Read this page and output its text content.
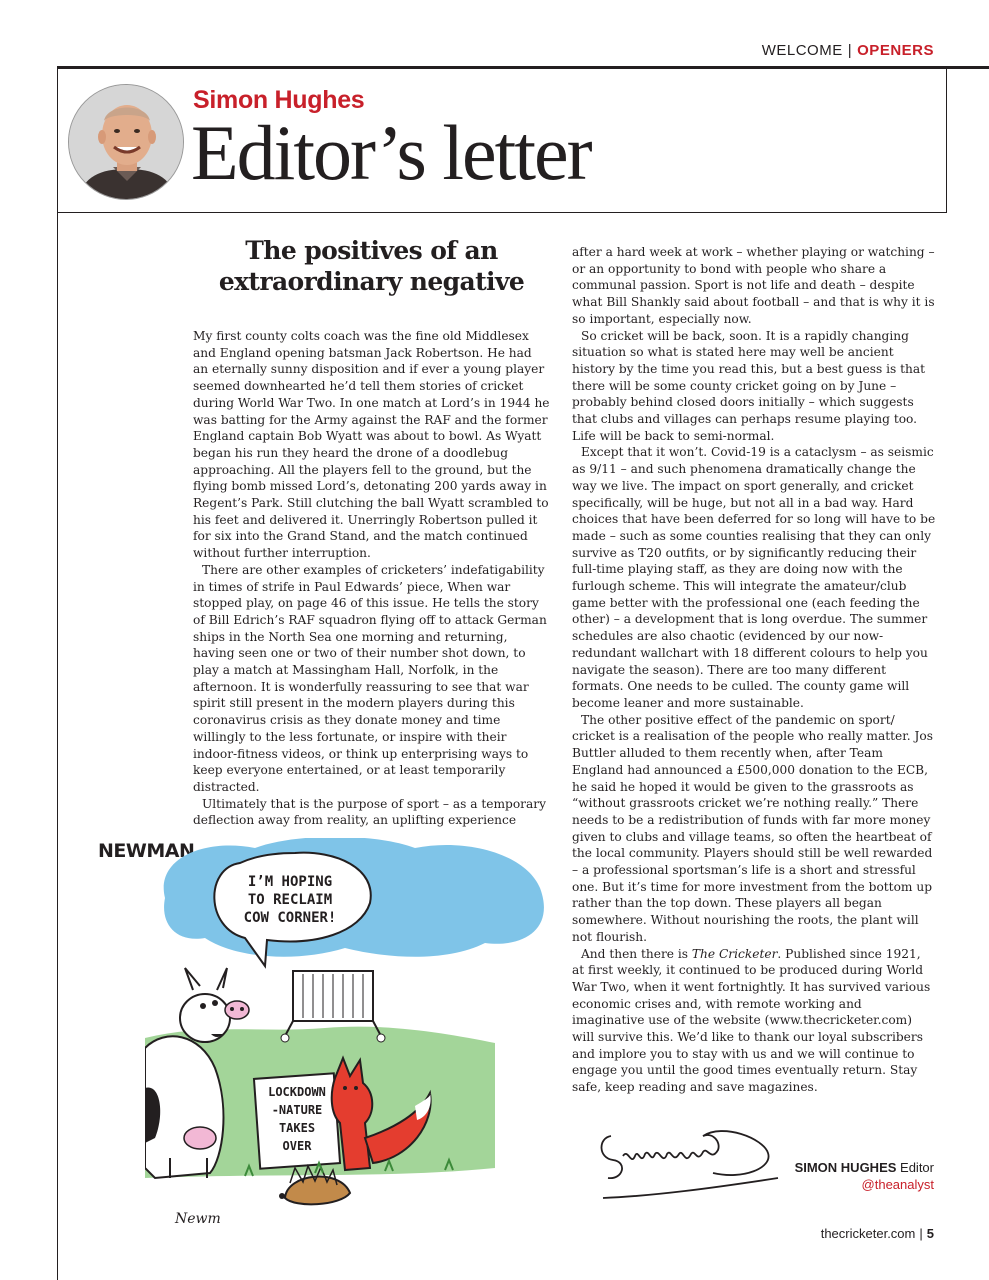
WELCOME | OPENERS
Simon Hughes
Editor’s letter
The positives of an extraordinary negative

My first county colts coach was the fine old Middlesex and England opening batsman Jack Robertson. He had an eternally sunny disposition and if ever a young player seemed downhearted he’d tell them stories of cricket during World War Two. In one match at Lord’s in 1944 he was batting for the Army against the RAF and the former England captain Bob Wyatt was about to bowl. As Wyatt began his run they heard the drone of a doodlebug approaching. All the players fell to the ground, but the flying bomb missed Lord’s, detonating 200 yards away in Regent’s Park. Still clutching the ball Wyatt scrambled to his feet and delivered it. Unerringly Robertson pulled it for six into the Grand Stand, and the match continued without further interruption.

There are other examples of cricketers’ indefatigability in times of strife in Paul Edwards’ piece, When war stopped play, on page 46 of this issue. He tells the story of Bill Edrich’s RAF squadron flying off to attack German ships in the North Sea one morning and returning, having seen one or two of their number shot down, to play a match at Massingham Hall, Norfolk, in the afternoon. It is wonderfully reassuring to see that war spirit still present in the modern players during this coronavirus crisis as they donate money and time willingly to the less fortunate, or inspire with their indoor-fitness videos, or think up enterprising ways to keep everyone entertained, or at least temporarily distracted.

Ultimately that is the purpose of sport – as a temporary deflection away from reality, an uplifting experience

after a hard week at work – whether playing or watching – or an opportunity to bond with people who share a communal passion. Sport is not life and death – despite what Bill Shankly said about football – and that is why it is so important, especially now.

So cricket will be back, soon. It is a rapidly changing situation so what is stated here may well be ancient history by the time you read this, but a best guess is that there will be some county cricket going on by June – probably behind closed doors initially – which suggests that clubs and villages can perhaps resume playing too. Life will be back to semi-normal.

Except that it won’t. Covid-19 is a cataclysm – as seismic as 9/11 – and such phenomena dramatically change the way we live. The impact on sport generally, and cricket specifically, will be huge, but not all in a bad way. Hard choices that have been deferred for so long will have to be made – such as some counties realising that they can only survive as T20 outfits, or by significantly reducing their full-time playing staff, as they are doing now with the furlough scheme. This will integrate the amateur/club game better with the professional one (each feeding the other) – a development that is long overdue. The summer schedules are also chaotic (evidenced by our now-redundant wallchart with 18 different colours to help you navigate the season). There are too many different formats. One needs to be culled. The county game will become leaner and more sustainable.

The other positive effect of the pandemic on sport/ cricket is a realisation of the people who really matter. Jos Buttler alluded to them recently when, after Team England had announced a £500,000 donation to the ECB, he said he hoped it would be given to the grassroots as “without grassroots cricket we’re nothing really.” There needs to be a redistribution of funds with far more money given to clubs and village teams, so often the heartbeat of the local community. Players should still be well rewarded – a professional sportsman’s life is a short and stressful one. But it’s time for more investment from the bottom up rather than the top down. These players all began somewhere. Without nourishing the roots, the plant will not flourish.

And then there is The Cricketer. Published since 1921, at first weekly, it continued to be produced during World War Two, when it went fortnightly. It has survived various economic crises and, with remote working and imaginative use of the website (www.thecricketer.com) will survive this. We’d like to thank our loyal subscribers and implore you to stay with us and we will continue to engage you until the good times eventually return. Stay safe, keep reading and save magazines.

NEWMAN
I’M HOPING
TO RECLAIM
COW CORNER!
LOCKDOWN
-NATURE
TAKES
OVER
Newm
SIMON HUGHES Editor
@theanalyst
thecricketer.com | 5
